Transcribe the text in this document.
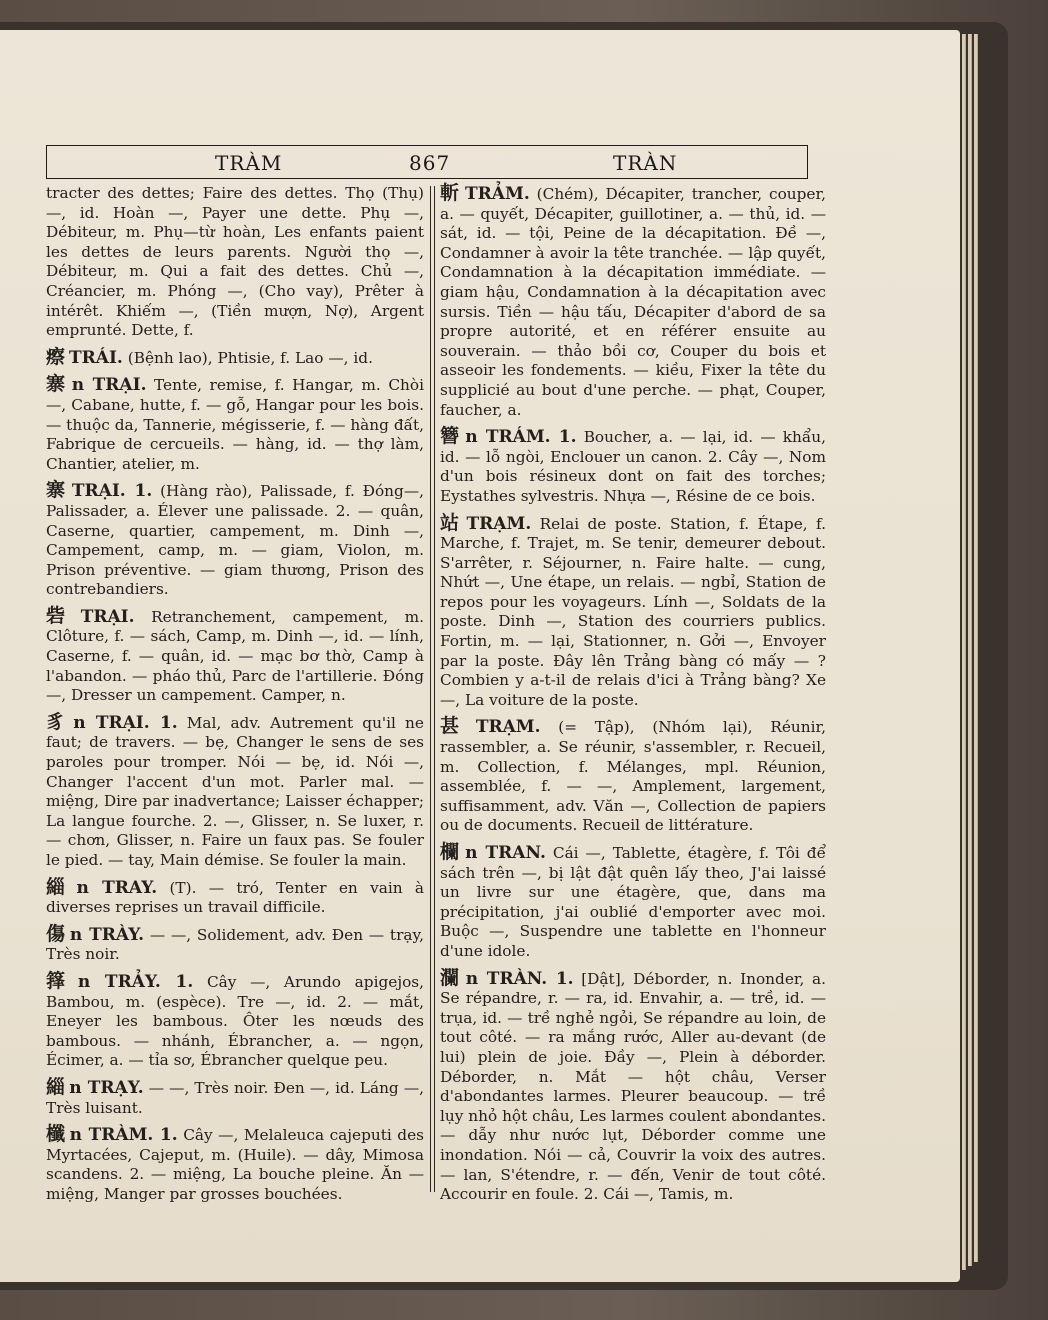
TRÀM	867	TRÀN

tracter des dettes; Faire des dettes. Thọ (Thụ) —, id. Hoàn —, Payer une dette. Phụ —, Débiteur, m. Phụ—từ hoàn, Les enfants paient les dettes de leurs parents. Người thọ —, Débiteur, m. Qui a fait des dettes. Chủ —, Créancier, m. Phóng —, (Cho vay), Prêter à intérêt. Khiếm —, (Tiền mượn, Nợ), Argent emprunté. Dette, f.

瘵 TRÁI. (Bệnh lao), Phtisie, f. Lao —, id.

寨 n TRẠI. Tente, remise, f. Hangar, m. Chòi —, Cabane, hutte, f. — gỗ, Hangar pour les bois. — thuộc da, Tannerie, mégisserie, f. — hàng đất, Fabrique de cercueils. — hàng, id. — thợ làm, Chantier, atelier, m.

寨 TRẠI. 1. (Hàng rào), Palissade, f. Đóng—, Palissader, a. Élever une palissade. 2. — quân, Caserne, quartier, campement, m. Dinh —, Campement, camp, m. — giam, Violon, m. Prison préventive. — giam thương, Prison des contrebandiers.

砦 TRẠI. Retranchement, campement, m. Clôture, f. — sách, Camp, m. Dinh —, id. — lính, Caserne, f. — quân, id. — mạc bơ thờ, Camp à l'abandon. — pháo thủ, Parc de l'artillerie. Đóng —, Dresser un campement. Camper, n.

豸 n TRẠI. 1. Mal, adv. Autrement qu'il ne faut; de travers. — bẹ, Changer le sens de ses paroles pour tromper. Nói — bẹ, id. Nói —, Changer l'accent d'un mot. Parler mal. — miệng, Dire par inadvertance; Laisser échapper; La langue fourche. 2. —, Glisser, n. Se luxer, r. — chơn, Glisser, n. Faire un faux pas. Se fouler le pied. — tay, Main démise. Se fouler la main.

緇 n TRAY. (T). — tró, Tenter en vain à diverses reprises un travail difficile.

傷 n TRÀY. — —, Solidement, adv. Đen — trạy, Très noir.

箨 n TRẢY. 1. Cây —, Arundo apigejos, Bambou, m. (espèce). Tre —, id. 2. — mắt, Eneyer les bambous. Ôter les nœuds des bambous. — nhánh, Ébrancher, a. — ngọn, Écimer, a. — tỉa sơ, Ébrancher quelque peu.

緇 n TRẠY. — —, Très noir. Đen —, id. Láng —, Très luisant.

櫼 n TRÀM. 1. Cây —, Melaleuca cajeputi des Myrtacées, Cajeput, m. (Huile). — dây, Mimosa scandens. 2. — miệng, La bouche pleine. Ăn — miệng, Manger par grosses bouchées.

斬 TRẢM. (Chém), Décapiter, trancher, couper, a. — quyết, Décapiter, guillotiner, a. — thủ, id. — sát, id. — tội, Peine de la décapitation. Đề —, Condamner à avoir la tête tranchée. — lập quyết, Condamnation à la décapitation immédiate. — giam hậu, Condamnation à la décapitation avec sursis. Tiền — hậu tấu, Décapiter d'abord de sa propre autorité, et en référer ensuite au souverain. — thảo bồi cơ, Couper du bois et asseoir les fondements. — kiều, Fixer la tête du supplicié au bout d'une perche. — phạt, Couper, faucher, a.

簪 n TRÁM. 1. Boucher, a. — lại, id. — khẩu, id. — lỗ ngòi, Enclouer un canon. 2. Cây —, Nom d'un bois résineux dont on fait des torches; Eystathes sylvestris. Nhựa —, Résine de ce bois.

站 TRẠM. Relai de poste. Station, f. Étape, f. Marche, f. Trajet, m. Se tenir, demeurer debout. S'arrêter, r. Séjourner, n. Faire halte. — cung, Nhứt —, Une étape, un relais. — ngbỉ, Station de repos pour les voyageurs. Lính —, Soldats de la poste. Dinh —, Station des courriers publics. Fortin, m. — lại, Stationner, n. Gởi —, Envoyer par la poste. Đây lên Trảng bàng có mấy — ? Combien y a-t-il de relais d'ici à Trảng bàng? Xe —, La voiture de la poste.

甚 TRẠM. (= Tập), (Nhóm lại), Réunir, rassembler, a. Se réunir, s'assembler, r. Recueil, m. Collection, f. Mélanges, mpl. Réunion, assemblée, f. — —, Amplement, largement, suffisamment, adv. Văn —, Collection de papiers ou de documents. Recueil de littérature.

欄 n TRAN. Cái —, Tablette, étagère, f. Tôi để sách trên —, bị lật đật quên lấy theo, J'ai laissé un livre sur une étagère, que, dans ma précipitation, j'ai oublié d'emporter avec moi. Buộc —, Suspendre une tablette en l'honneur d'une idole.

瀾 n TRÀN. 1. [Dật], Déborder, n. Inonder, a. Se répandre, r. — ra, id. Envahir, a. — trề, id. — trụa, id. — trề nghẻ ngỏi, Se répandre au loin, de tout côté. — ra mắng rước, Aller au-devant (de lui) plein de joie. Đầy —, Plein à déborder. Déborder, n. Mắt — hột châu, Verser d'abondantes larmes. Pleurer beaucoup. — trề lụy nhỏ hột châu, Les larmes coulent abondantes. — dẫy như nước lụt, Déborder comme une inondation. Nói — cả, Couvrir la voix des autres. — lan, S'étendre, r. — đến, Venir de tout côté. Accourir en foule. 2. Cái —, Tamis, m.
